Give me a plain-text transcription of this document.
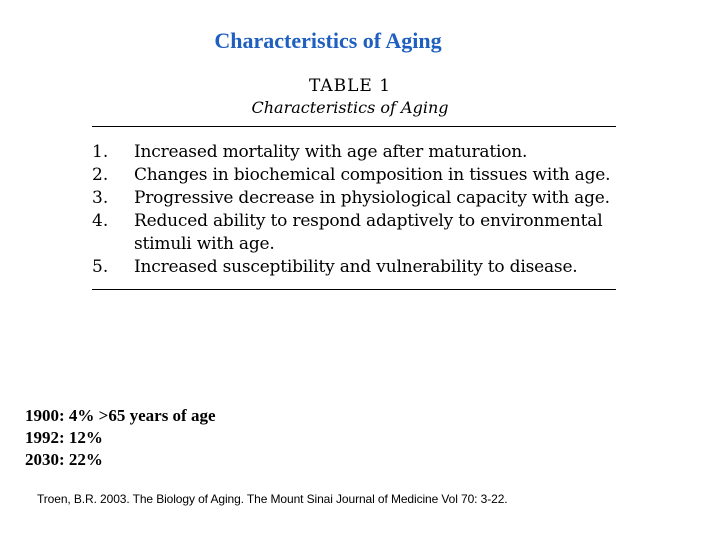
Characteristics of Aging
TABLE 1
Characteristics of Aging
1.	Increased mortality with age after maturation.
2.	Changes in biochemical composition in tissues with age.
3.	Progressive decrease in physiological capacity with age.
4.	Reduced ability to respond adaptively to environmental stimuli with age.
5.	Increased susceptibility and vulnerability to disease.
1900: 4% >65 years of age
1992: 12%
2030: 22%
Troen, B.R. 2003. The Biology of Aging. The Mount Sinai Journal of Medicine Vol 70: 3-22.
